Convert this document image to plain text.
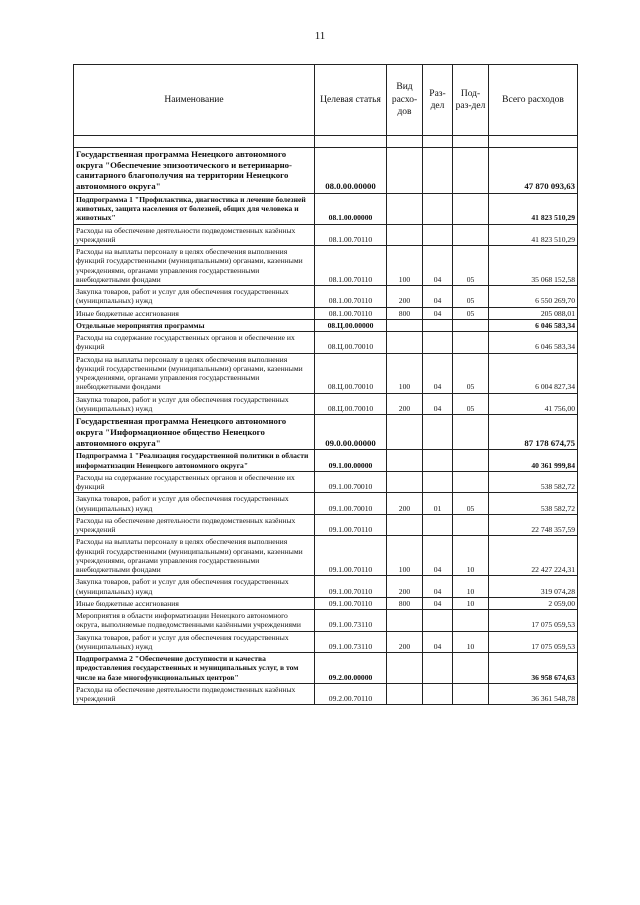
11
Наименование	Целевая статья	Вид расхо-дов	Раз-дел	Под-раз-дел	Всего расходов

Государственная программа Ненецкого автономного округа "Обеспечение эпизоотического и ветеринарно-санитарного благополучия на территории Ненецкого автономного округа"	08.0.00.00000				47 870 093,63
Подпрограмма 1 "Профилактика, диагностика и лечение болезней животных, защита населения от болезней, общих для человека и животных"	08.1.00.00000				41 823 510,29
Расходы на обеспечение деятельности подведомственных казённых учреждений	08.1.00.70110				41 823 510,29
Расходы на выплаты персоналу в целях обеспечения выполнения функций государственными (муниципальными) органами, казенными учреждениями, органами управления государственными внебюджетными фондами	08.1.00.70110	100	04	05	35 068 152,58
Закупка товаров, работ и услуг для обеспечения государственных (муниципальных) нужд	08.1.00.70110	200	04	05	6 550 269,70
Иные бюджетные ассигнования	08.1.00.70110	800	04	05	205 088,01
Отдельные мероприятия программы	08.Ц.00.00000				6 046 583,34
Расходы на содержание государственных органов и обеспечение их функций	08.Ц.00.70010				6 046 583,34
Расходы на выплаты персоналу в целях обеспечения выполнения функций государственными (муниципальными) органами, казенными учреждениями, органами управления государственными внебюджетными фондами	08.Ц.00.70010	100	04	05	6 004 827,34
Закупка товаров, работ и услуг для обеспечения государственных (муниципальных) нужд	08.Ц.00.70010	200	04	05	41 756,00
Государственная программа Ненецкого автономного округа "Информационное общество Ненецкого автономного округа"	09.0.00.00000				87 178 674,75
Подпрограмма 1 "Реализация государственной политики в области информатизации Ненецкого автономного округа"	09.1.00.00000				40 361 999,84
Расходы на содержание государственных органов и обеспечение их функций	09.1.00.70010				538 582,72
Закупка товаров, работ и услуг для обеспечения государственных (муниципальных) нужд	09.1.00.70010	200	01	05	538 582,72
Расходы на обеспечение деятельности подведомственных казённых учреждений	09.1.00.70110				22 748 357,59
Расходы на выплаты персоналу в целях обеспечения выполнения функций государственными (муниципальными) органами, казенными учреждениями, органами управления государственными внебюджетными фондами	09.1.00.70110	100	04	10	22 427 224,31
Закупка товаров, работ и услуг для обеспечения государственных (муниципальных) нужд	09.1.00.70110	200	04	10	319 074,28
Иные бюджетные ассигнования	09.1.00.70110	800	04	10	2 059,00
Мероприятия в области информатизации Ненецкого автономного округа, выполняемые подведомственными казёнными учреждениями	09.1.00.73110				17 075 059,53
Закупка товаров, работ и услуг для обеспечения государственных (муниципальных) нужд	09.1.00.73110	200	04	10	17 075 059,53
Подпрограмма 2 "Обеспечение доступности и качества предоставления государственных и муниципальных услуг, в том числе на базе многофункциональных центров"	09.2.00.00000				36 958 674,63
Расходы на обеспечение деятельности подведомственных казённых учреждений	09.2.00.70110				36 361 548,78
